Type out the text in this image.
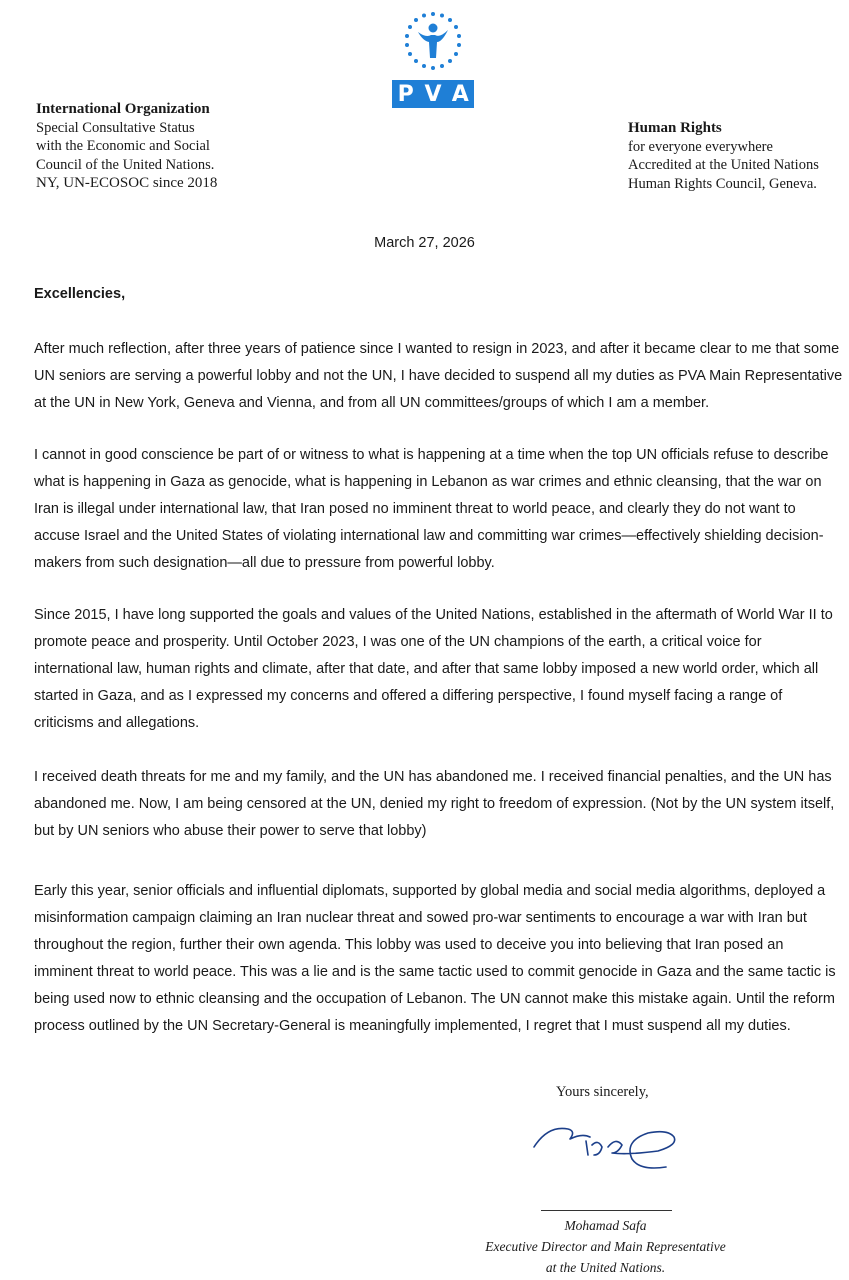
P V A
International Organization
Special Consultative Status
with the Economic and Social
Council of the United Nations.
NY, UN-ECOSOC since 2018
Human Rights
for everyone everywhere
Accredited at the United Nations
Human Rights Council, Geneva.
March 27, 2026
Excellencies,

After much reflection, after three years of patience since I wanted to resign in 2023, and after it became clear to me that some UN seniors are serving a powerful lobby and not the UN, I have decided to suspend all my duties as PVA Main Representative at the UN in New York, Geneva and Vienna, and from all UN committees/groups of which I am a member.

I cannot in good conscience be part of or witness to what is happening at a time when the top UN officials refuse to describe what is happening in Gaza as genocide, what is happening in Lebanon as war crimes and ethnic cleansing, that the war on Iran is illegal under international law, that Iran posed no imminent threat to world peace, and clearly they do not want to accuse Israel and the United States of violating international law and committing war crimes—effectively shielding decision-makers from such designation—all due to pressure from powerful lobby.

Since 2015, I have long supported the goals and values of the United Nations, established in the aftermath of World War II to promote peace and prosperity. Until October 2023, I was one of the UN champions of the earth, a critical voice for international law, human rights and climate, after that date, and after that same lobby imposed a new world order, which all started in Gaza, and as I expressed my concerns and offered a differing perspective, I found myself facing a range of criticisms and allegations.

I received death threats for me and my family, and the UN has abandoned me. I received financial penalties, and the UN has abandoned me. Now, I am being censored at the UN, denied my right to freedom of expression. (Not by the UN system itself, but by UN seniors who abuse their power to serve that lobby)

Early this year, senior officials and influential diplomats, supported by global media and social media algorithms, deployed a misinformation campaign claiming an Iran nuclear threat and sowed pro-war sentiments to encourage a war with Iran but throughout the region, further their own agenda. This lobby was used to deceive you into believing that Iran posed an imminent threat to world peace. This was a lie and is the same tactic used to commit genocide in Gaza and the same tactic is being used now to ethnic cleansing and the occupation of Lebanon. The UN cannot make this mistake again. Until the reform process outlined by the UN Secretary-General is meaningfully implemented, I regret that I must suspend all my duties.

Yours sincerely,
Mohamad Safa
Executive Director and Main Representative
at the United Nations.
